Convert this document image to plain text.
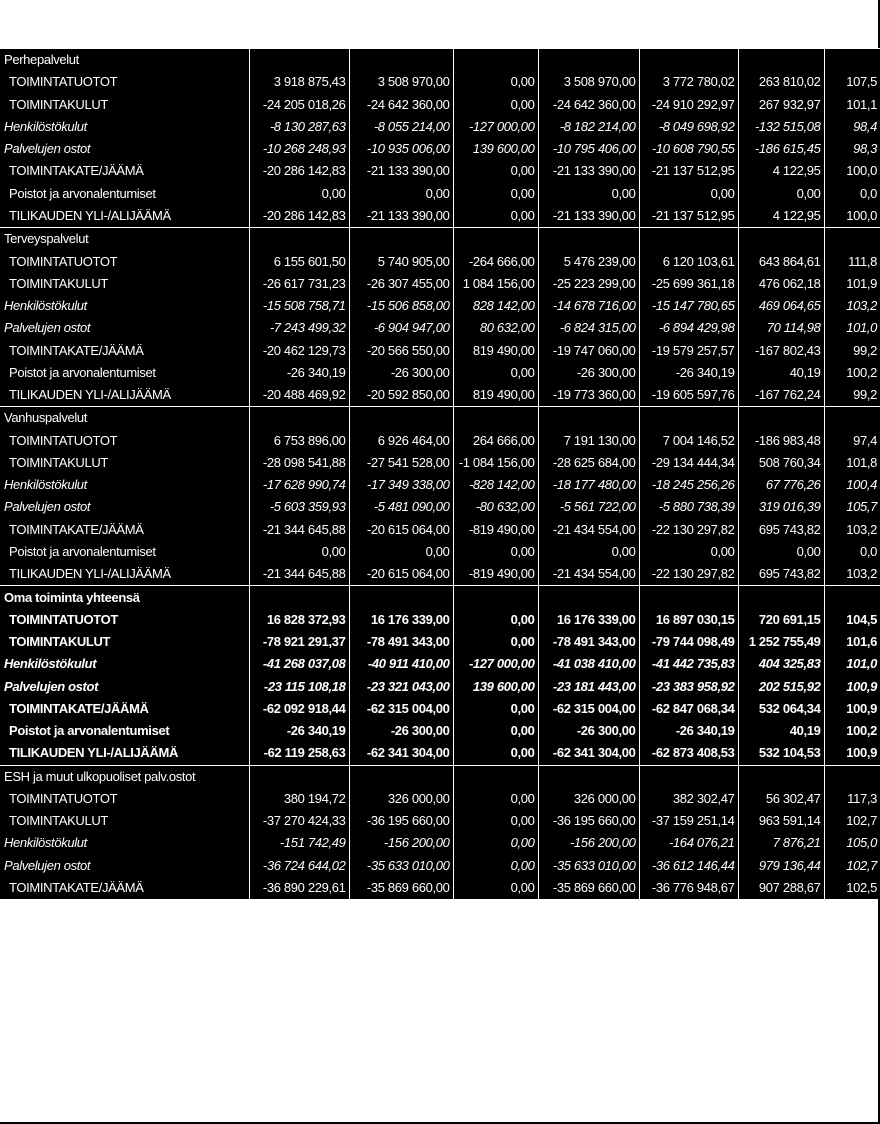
Perhepalvelut							
TOIMINTATUOTOT	3 918 875,43	3 508 970,00	0,00	3 508 970,00	3 772 780,02	263 810,02	107,5
TOIMINTAKULUT	-24 205 018,26	-24 642 360,00	0,00	-24 642 360,00	-24 910 292,97	267 932,97	101,1
Henkilöstökulut	-8 130 287,63	-8 055 214,00	-127 000,00	-8 182 214,00	-8 049 698,92	-132 515,08	98,4
Palvelujen ostot	-10 268 248,93	-10 935 006,00	139 600,00	-10 795 406,00	-10 608 790,55	-186 615,45	98,3
TOIMINTAKATE/JÄÄMÄ	-20 286 142,83	-21 133 390,00	0,00	-21 133 390,00	-21 137 512,95	4 122,95	100,0
Poistot ja arvonalentumiset	0,00	0,00	0,00	0,00	0,00	0,00	0,0
TILIKAUDEN YLI-/ALIJÄÄMÄ	-20 286 142,83	-21 133 390,00	0,00	-21 133 390,00	-21 137 512,95	4 122,95	100,0
Terveyspalvelut							
TOIMINTATUOTOT	6 155 601,50	5 740 905,00	-264 666,00	5 476 239,00	6 120 103,61	643 864,61	111,8
TOIMINTAKULUT	-26 617 731,23	-26 307 455,00	1 084 156,00	-25 223 299,00	-25 699 361,18	476 062,18	101,9
Henkilöstökulut	-15 508 758,71	-15 506 858,00	828 142,00	-14 678 716,00	-15 147 780,65	469 064,65	103,2
Palvelujen ostot	-7 243 499,32	-6 904 947,00	80 632,00	-6 824 315,00	-6 894 429,98	70 114,98	101,0
TOIMINTAKATE/JÄÄMÄ	-20 462 129,73	-20 566 550,00	819 490,00	-19 747 060,00	-19 579 257,57	-167 802,43	99,2
Poistot ja arvonalentumiset	-26 340,19	-26 300,00	0,00	-26 300,00	-26 340,19	40,19	100,2
TILIKAUDEN YLI-/ALIJÄÄMÄ	-20 488 469,92	-20 592 850,00	819 490,00	-19 773 360,00	-19 605 597,76	-167 762,24	99,2
Vanhuspalvelut							
TOIMINTATUOTOT	6 753 896,00	6 926 464,00	264 666,00	7 191 130,00	7 004 146,52	-186 983,48	97,4
TOIMINTAKULUT	-28 098 541,88	-27 541 528,00	-1 084 156,00	-28 625 684,00	-29 134 444,34	508 760,34	101,8
Henkilöstökulut	-17 628 990,74	-17 349 338,00	-828 142,00	-18 177 480,00	-18 245 256,26	67 776,26	100,4
Palvelujen ostot	-5 603 359,93	-5 481 090,00	-80 632,00	-5 561 722,00	-5 880 738,39	319 016,39	105,7
TOIMINTAKATE/JÄÄMÄ	-21 344 645,88	-20 615 064,00	-819 490,00	-21 434 554,00	-22 130 297,82	695 743,82	103,2
Poistot ja arvonalentumiset	0,00	0,00	0,00	0,00	0,00	0,00	0,0
TILIKAUDEN YLI-/ALIJÄÄMÄ	-21 344 645,88	-20 615 064,00	-819 490,00	-21 434 554,00	-22 130 297,82	695 743,82	103,2
Oma toiminta yhteensä							
TOIMINTATUOTOT	16 828 372,93	16 176 339,00	0,00	16 176 339,00	16 897 030,15	720 691,15	104,5
TOIMINTAKULUT	-78 921 291,37	-78 491 343,00	0,00	-78 491 343,00	-79 744 098,49	1 252 755,49	101,6
Henkilöstökulut	-41 268 037,08	-40 911 410,00	-127 000,00	-41 038 410,00	-41 442 735,83	404 325,83	101,0
Palvelujen ostot	-23 115 108,18	-23 321 043,00	139 600,00	-23 181 443,00	-23 383 958,92	202 515,92	100,9
TOIMINTAKATE/JÄÄMÄ	-62 092 918,44	-62 315 004,00	0,00	-62 315 004,00	-62 847 068,34	532 064,34	100,9
Poistot ja arvonalentumiset	-26 340,19	-26 300,00	0,00	-26 300,00	-26 340,19	40,19	100,2
TILIKAUDEN YLI-/ALIJÄÄMÄ	-62 119 258,63	-62 341 304,00	0,00	-62 341 304,00	-62 873 408,53	532 104,53	100,9
ESH ja muut ulkopuoliset palv.ostot							
TOIMINTATUOTOT	380 194,72	326 000,00	0,00	326 000,00	382 302,47	56 302,47	117,3
TOIMINTAKULUT	-37 270 424,33	-36 195 660,00	0,00	-36 195 660,00	-37 159 251,14	963 591,14	102,7
Henkilöstökulut	-151 742,49	-156 200,00	0,00	-156 200,00	-164 076,21	7 876,21	105,0
Palvelujen ostot	-36 724 644,02	-35 633 010,00	0,00	-35 633 010,00	-36 612 146,44	979 136,44	102,7
TOIMINTAKATE/JÄÄMÄ	-36 890 229,61	-35 869 660,00	0,00	-35 869 660,00	-36 776 948,67	907 288,67	102,5
